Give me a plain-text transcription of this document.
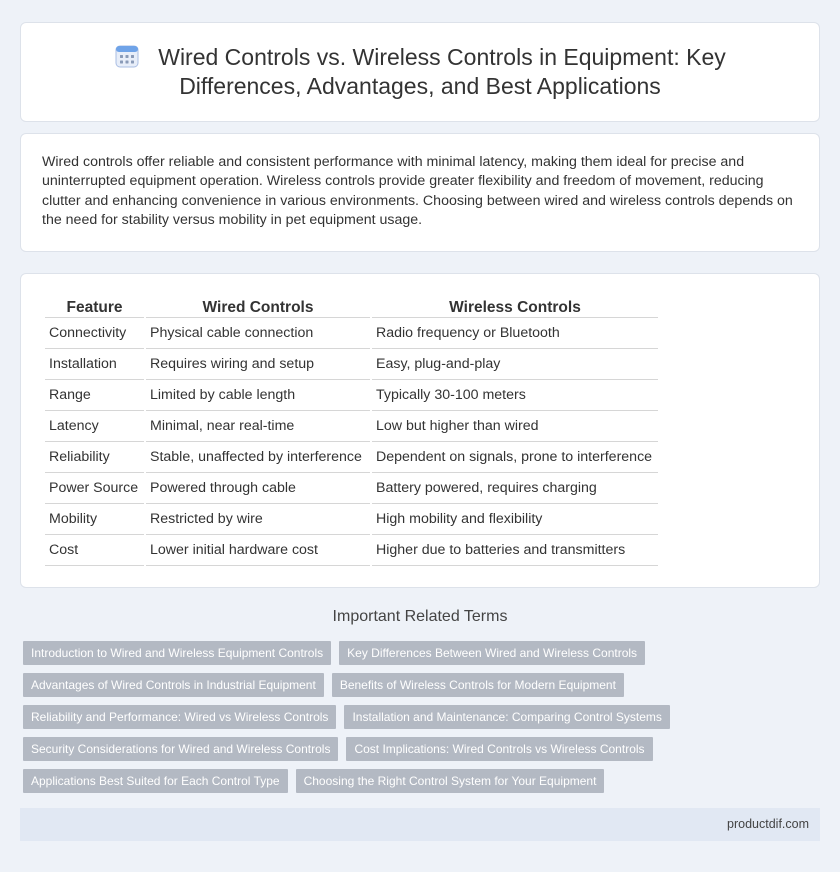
Wired Controls vs. Wireless Controls in Equipment: Key Differences, Advantages, and Best Applications

Wired controls offer reliable and consistent performance with minimal latency, making them ideal for precise and uninterrupted equipment operation. Wireless controls provide greater flexibility and freedom of movement, reducing clutter and enhancing convenience in various environments. Choosing between wired and wireless controls depends on the need for stability versus mobility in pet equipment usage.

Feature	Wired Controls	Wireless Controls
Connectivity	Physical cable connection	Radio frequency or Bluetooth
Installation	Requires wiring and setup	Easy, plug-and-play
Range	Limited by cable length	Typically 30-100 meters
Latency	Minimal, near real-time	Low but higher than wired
Reliability	Stable, unaffected by interference	Dependent on signals, prone to interference
Power Source	Powered through cable	Battery powered, requires charging
Mobility	Restricted by wire	High mobility and flexibility
Cost	Lower initial hardware cost	Higher due to batteries and transmitters
Important Related Terms
Introduction to Wired and Wireless Equipment Controls	Key Differences Between Wired and Wireless Controls
Advantages of Wired Controls in Industrial Equipment	Benefits of Wireless Controls for Modern Equipment
Reliability and Performance: Wired vs Wireless Controls	Installation and Maintenance: Comparing Control Systems
Security Considerations for Wired and Wireless Controls	Cost Implications: Wired Controls vs Wireless Controls
Applications Best Suited for Each Control Type	Choosing the Right Control System for Your Equipment
productdif.com
